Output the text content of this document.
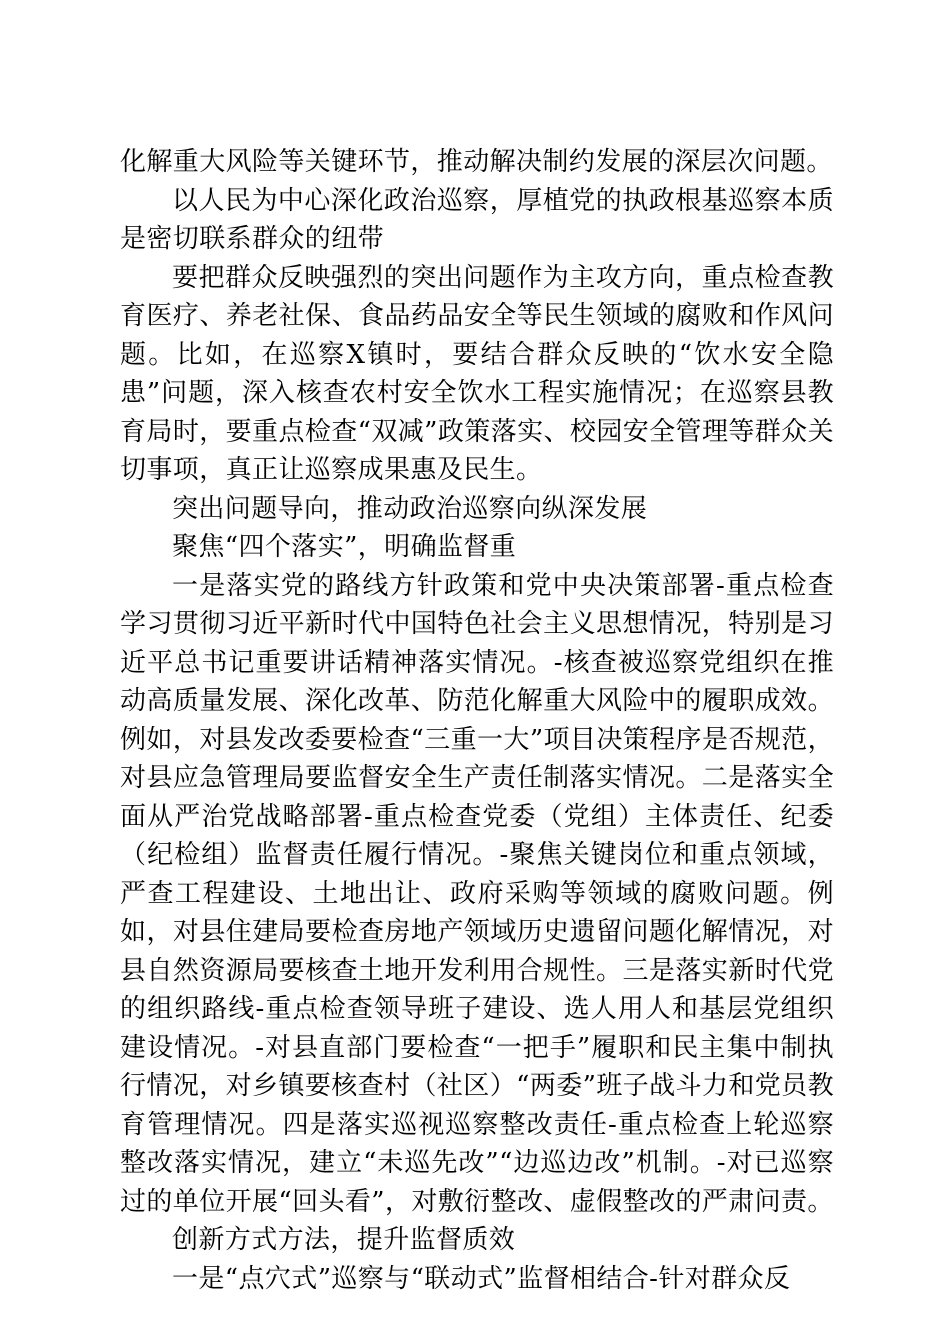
化解重大风险等关键环节，推动解决制约发展的深层次问题。

以人民为中心深化政治巡察，厚植党的执政根基巡察本质是密切联系群众的纽带

要把群众反映强烈的突出问题作为主攻方向，重点检查教育医疗、养老社保、食品药品安全等民生领域的腐败和作风问题。比如，在巡察X镇时，要结合群众反映的“饮水安全隐患”问题，深入核查农村安全饮水工程实施情况；在巡察县教育局时，要重点检查“双减”政策落实、校园安全管理等群众关切事项，真正让巡察成果惠及民生。

突出问题导向，推动政治巡察向纵深发展

聚焦“四个落实”，明确监督重

一是落实党的路线方针政策和党中央决策部署-重点检查学习贯彻习近平新时代中国特色社会主义思想情况，特别是习近平总书记重要讲话精神落实情况。-核查被巡察党组织在推动高质量发展、深化改革、防范化解重大风险中的履职成效。例如，对县发改委要检查“三重一大”项目决策程序是否规范，对县应急管理局要监督安全生产责任制落实情况。二是落实全面从严治党战略部署-重点检查党委（党组）主体责任、纪委（纪检组）监督责任履行情况。-聚焦关键岗位和重点领域，严查工程建设、土地出让、政府采购等领域的腐败问题。例如，对县住建局要检查房地产领域历史遗留问题化解情况，对县自然资源局要核查土地开发利用合规性。三是落实新时代党的组织路线-重点检查领导班子建设、选人用人和基层党组织建设情况。-对县直部门要检查“一把手”履职和民主集中制执行情况，对乡镇要核查村（社区）“两委”班子战斗力和党员教育管理情况。四是落实巡视巡察整改责任-重点检查上轮巡察整改落实情况，建立“未巡先改”“边巡边改”机制。-对已巡察过的单位开展“回头看”，对敷衍整改、虚假整改的严肃问责。

创新方式方法，提升监督质效

一是“点穴式”巡察与“联动式”监督相结合-针对群众反
